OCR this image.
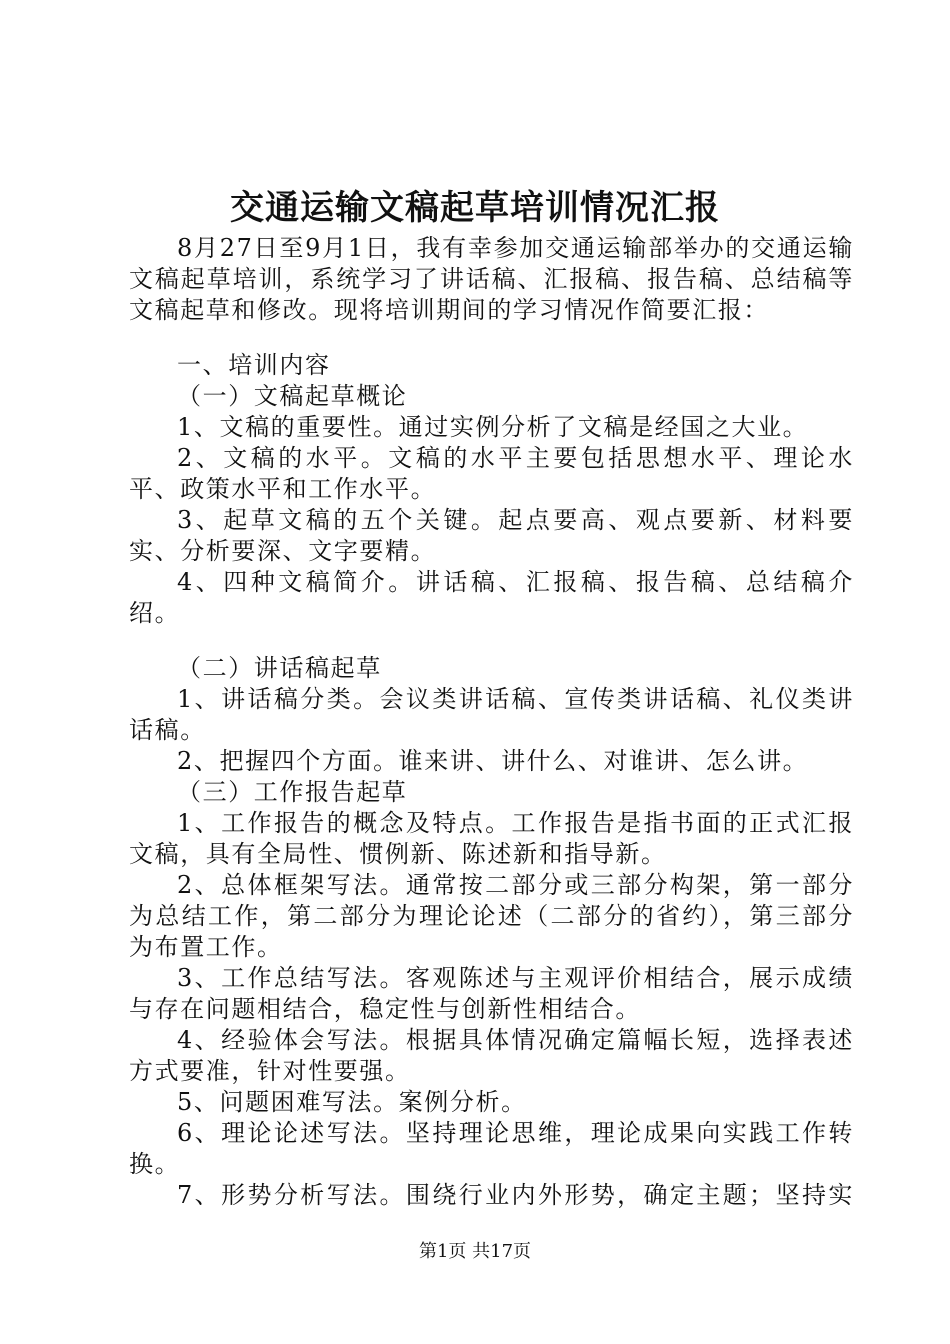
交通运输文稿起草培训情况汇报

8月27日至9月1日，我有幸参加交通运输部举办的交通运输文稿起草培训，系统学习了讲话稿、汇报稿、报告稿、总结稿等文稿起草和修改。现将培训期间的学习情况作简要汇报：

一、培训内容

（一）文稿起草概论

1、文稿的重要性。通过实例分析了文稿是经国之大业。

2、文稿的水平。文稿的水平主要包括思想水平、理论水平、政策水平和工作水平。

3、起草文稿的五个关键。起点要高、观点要新、材料要实、分析要深、文字要精。

4、四种文稿简介。讲话稿、汇报稿、报告稿、总结稿介绍。

（二）讲话稿起草

1、讲话稿分类。会议类讲话稿、宣传类讲话稿、礼仪类讲话稿。

2、把握四个方面。谁来讲、讲什么、对谁讲、怎么讲。

（三）工作报告起草

1、工作报告的概念及特点。工作报告是指书面的正式汇报文稿，具有全局性、惯例新、陈述新和指导新。

2、总体框架写法。通常按二部分或三部分构架，第一部分为总结工作，第二部分为理论论述（二部分的省约），第三部分为布置工作。

3、工作总结写法。客观陈述与主观评价相结合，展示成绩与存在问题相结合，稳定性与创新性相结合。

4、经验体会写法。根据具体情况确定篇幅长短，选择表述方式要准，针对性要强。

5、问题困难写法。案例分析。

6、理论论述写法。坚持理论思维，理论成果向实践工作转换。

7、形势分析写法。围绕行业内外形势，确定主题；坚持实

第1页 共17页
